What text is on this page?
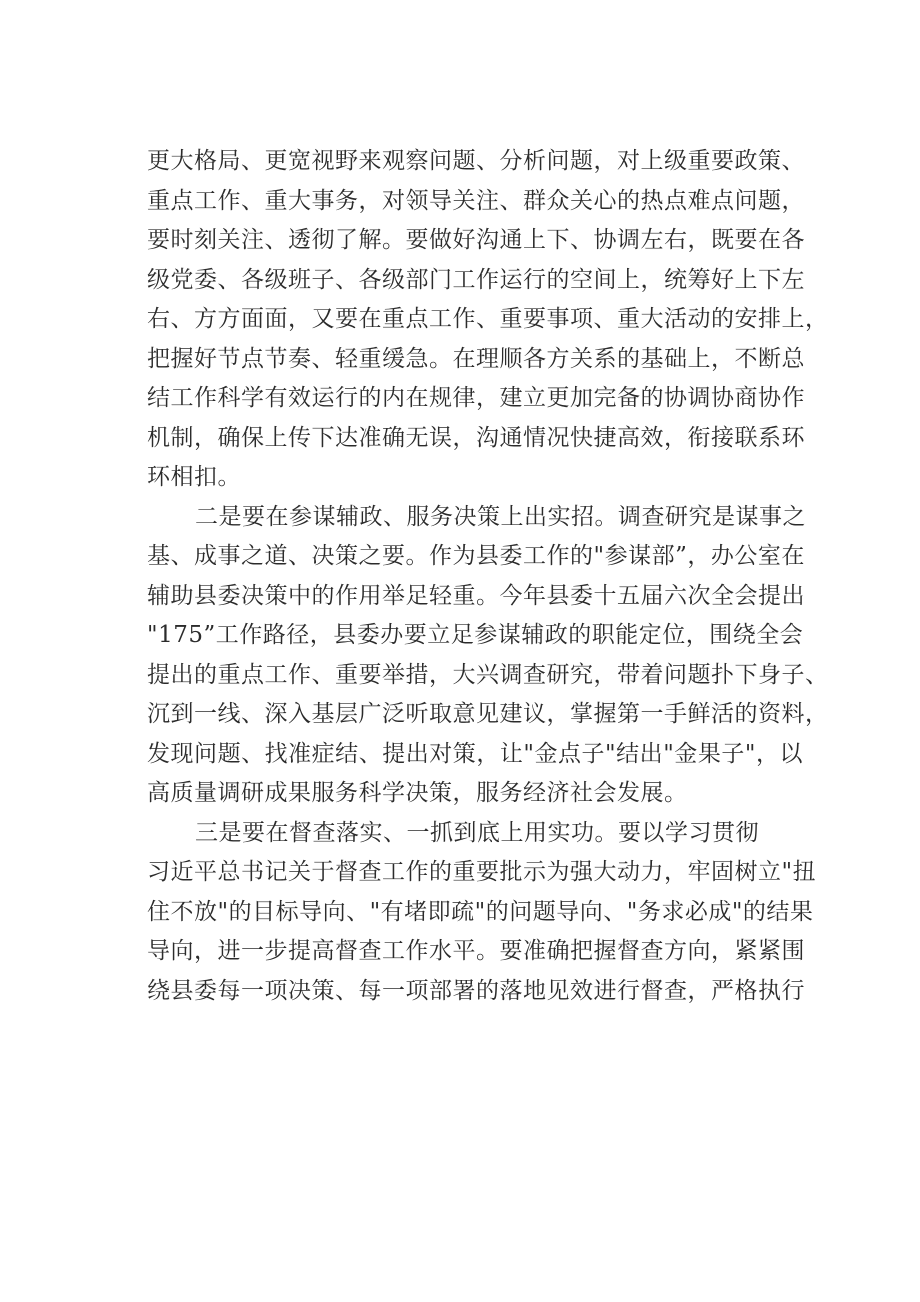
更大格局、更宽视野来观察问题、分析问题，对上级重要政策、
重点工作、重大事务，对领导关注、群众关心的热点难点问题，
要时刻关注、透彻了解。要做好沟通上下、协调左右，既要在各
级党委、各级班子、各级部门工作运行的空间上，统筹好上下左
右、方方面面，又要在重点工作、重要事项、重大活动的安排上，
把握好节点节奏、轻重缓急。在理顺各方关系的基础上，不断总
结工作科学有效运行的内在规律，建立更加完备的协调协商协作
机制，确保上传下达准确无误，沟通情况快捷高效，衔接联系环
环相扣。
二是要在参谋辅政、服务决策上出实招。调查研究是谋事之
基、成事之道、决策之要。作为县委工作的"参谋部”，办公室在
辅助县委决策中的作用举足轻重。今年县委十五届六次全会提出
"175”工作路径，县委办要立足参谋辅政的职能定位，围绕全会
提出的重点工作、重要举措，大兴调查研究，带着问题扑下身子、
沉到一线、深入基层广泛听取意见建议，掌握第一手鲜活的资料，
发现问题、找准症结、提出对策，让"金点子"结出"金果子"，以
高质量调研成果服务科学决策，服务经济社会发展。
三是要在督查落实、一抓到底上用实功。要以学习贯彻
习近平总书记关于督查工作的重要批示为强大动力，牢固树立"扭
住不放"的目标导向、"有堵即疏"的问题导向、"务求必成"的结果
导向，进一步提高督查工作水平。要准确把握督查方向，紧紧围
绕县委每一项决策、每一项部署的落地见效进行督查，严格执行
